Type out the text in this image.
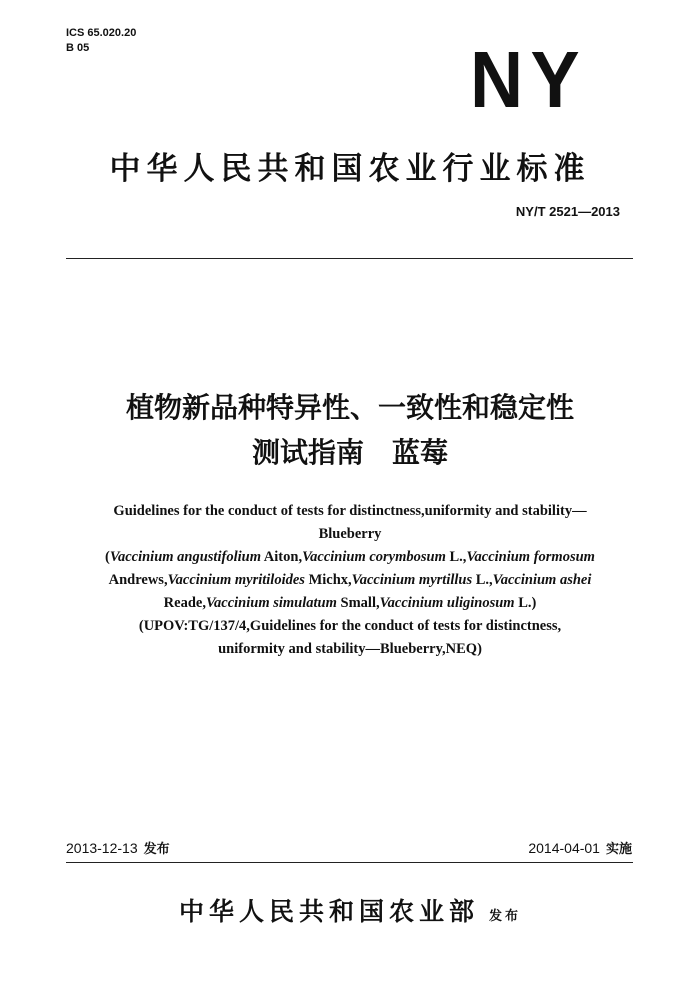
ICS 65.020.20
B 05	NY
中华人民共和国农业行业标准
NY/T 2521—2013
植物新品种特异性、一致性和稳定性
测试指南 蓝莓
Guidelines for the conduct of tests for distinctness,uniformity and stability—
Blueberry
(Vaccinium angustifolium Aiton,Vaccinium corymbosum L.,Vaccinium formosum
Andrews,Vaccinium myritiloides Michx,Vaccinium myrtillus L.,Vaccinium ashei
Reade,Vaccinium simulatum Small,Vaccinium uliginosum L.)
(UPOV:TG/137/4,Guidelines for the conduct of tests for distinctness,
uniformity and stability—Blueberry,NEQ)
2013-12-13 发布	2014-04-01 实施
中华人民共和国农业部 发布
